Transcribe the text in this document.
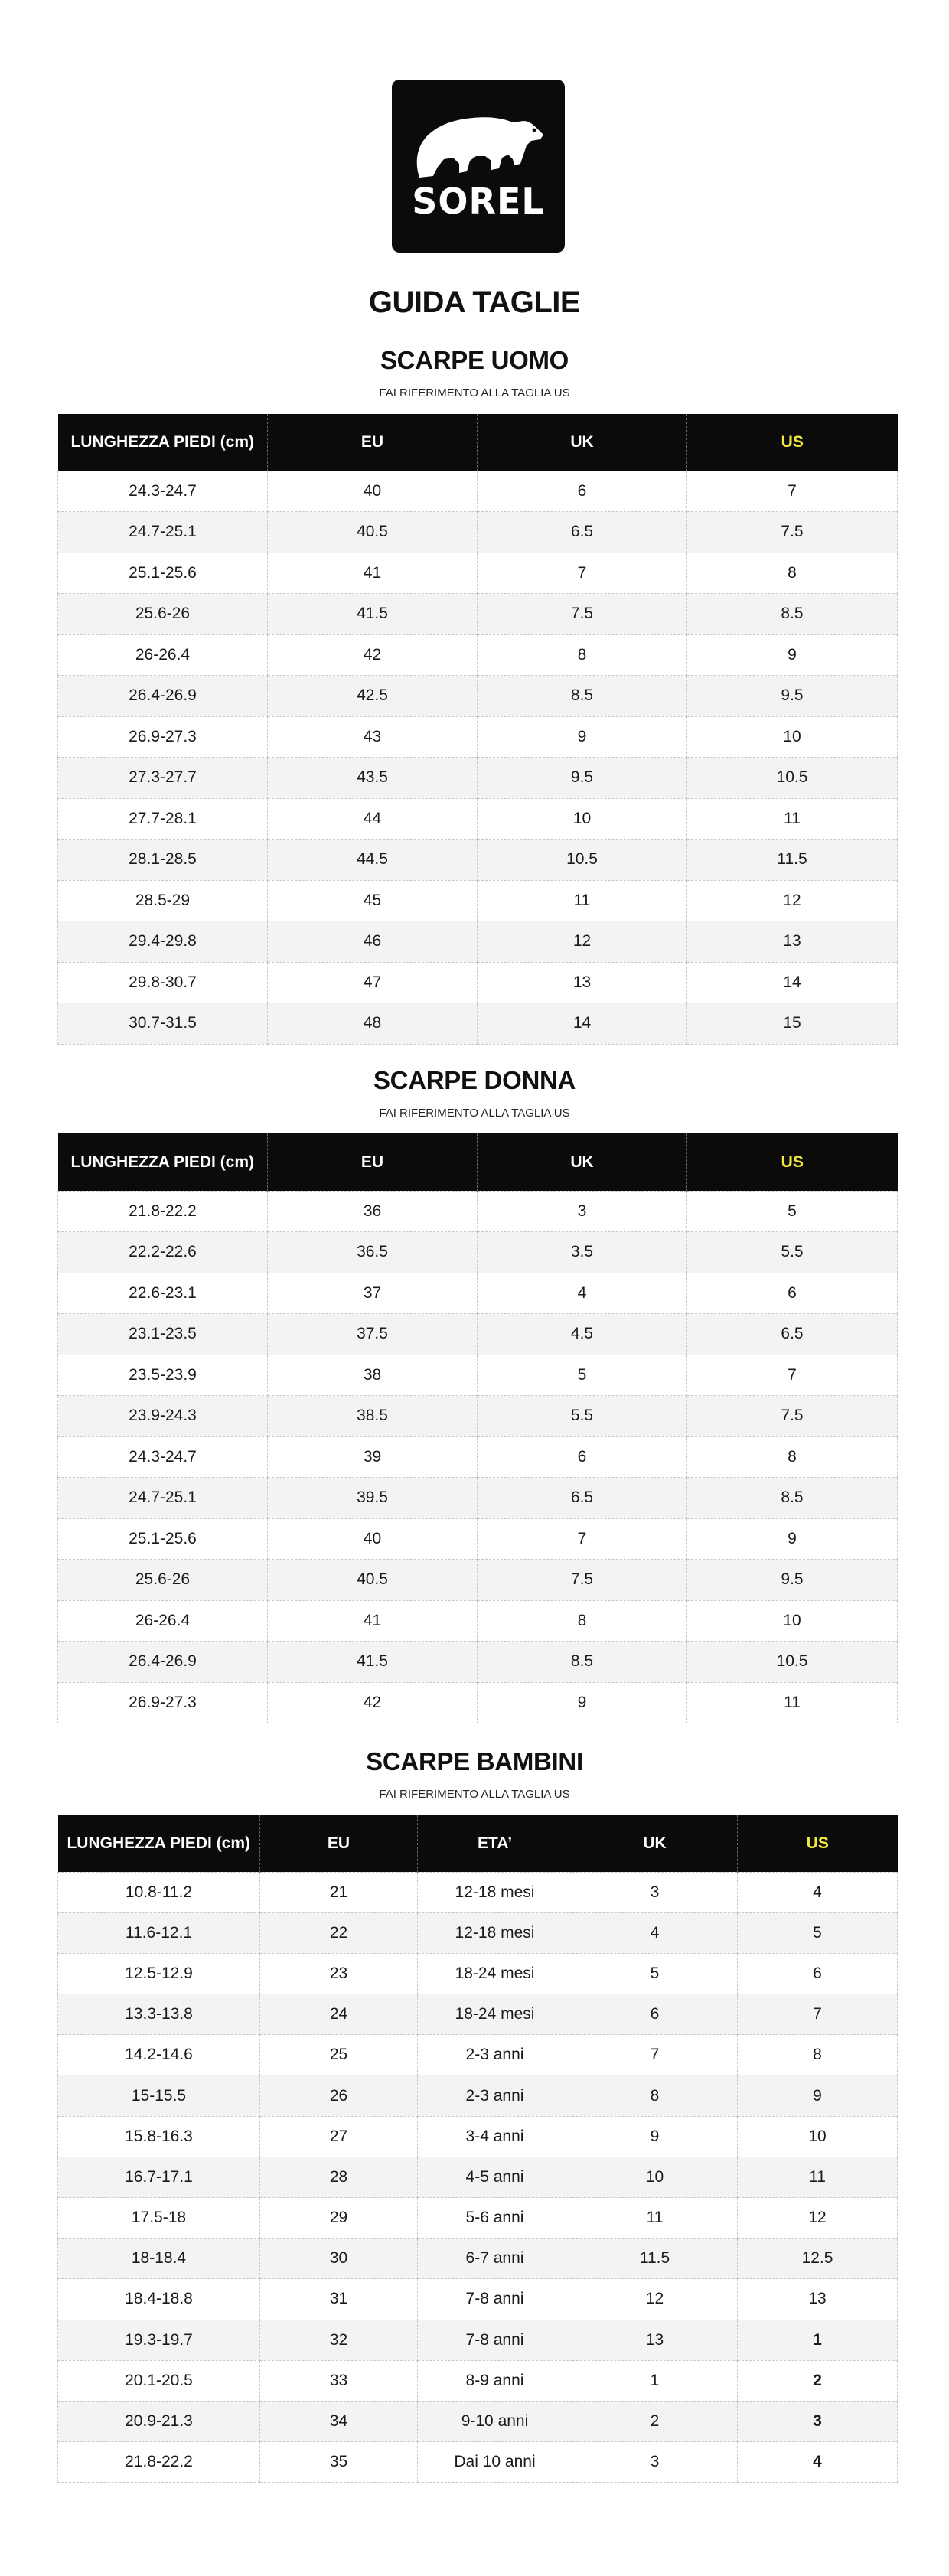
SOREL
GUIDA TAGLIE
SCARPE UOMO
FAI RIFERIMENTO ALLA TAGLIA US
LUNGHEZZA PIEDI (cm)	EU	UK	US
24.3-24.7	40	6	7
24.7-25.1	40.5	6.5	7.5
25.1-25.6	41	7	8
25.6-26	41.5	7.5	8.5
26-26.4	42	8	9
26.4-26.9	42.5	8.5	9.5
26.9-27.3	43	9	10
27.3-27.7	43.5	9.5	10.5
27.7-28.1	44	10	11
28.1-28.5	44.5	10.5	11.5
28.5-29	45	11	12
29.4-29.8	46	12	13
29.8-30.7	47	13	14
30.7-31.5	48	14	15
SCARPE DONNA
FAI RIFERIMENTO ALLA TAGLIA US
LUNGHEZZA PIEDI (cm)	EU	UK	US
21.8-22.2	36	3	5
22.2-22.6	36.5	3.5	5.5
22.6-23.1	37	4	6
23.1-23.5	37.5	4.5	6.5
23.5-23.9	38	5	7
23.9-24.3	38.5	5.5	7.5
24.3-24.7	39	6	8
24.7-25.1	39.5	6.5	8.5
25.1-25.6	40	7	9
25.6-26	40.5	7.5	9.5
26-26.4	41	8	10
26.4-26.9	41.5	8.5	10.5
26.9-27.3	42	9	11
SCARPE BAMBINI
FAI RIFERIMENTO ALLA TAGLIA US
LUNGHEZZA PIEDI (cm)	EU	ETA’	UK	US
10.8-11.2	21	12-18 mesi	3	4
11.6-12.1	22	12-18 mesi	4	5
12.5-12.9	23	18-24 mesi	5	6
13.3-13.8	24	18-24 mesi	6	7
14.2-14.6	25	2-3 anni	7	8
15-15.5	26	2-3 anni	8	9
15.8-16.3	27	3-4 anni	9	10
16.7-17.1	28	4-5 anni	10	11
17.5-18	29	5-6 anni	11	12
18-18.4	30	6-7 anni	11.5	12.5
18.4-18.8	31	7-8 anni	12	13
19.3-19.7	32	7-8 anni	13	1
20.1-20.5	33	8-9 anni	1	2
20.9-21.3	34	9-10 anni	2	3
21.8-22.2	35	Dai 10 anni	3	4
